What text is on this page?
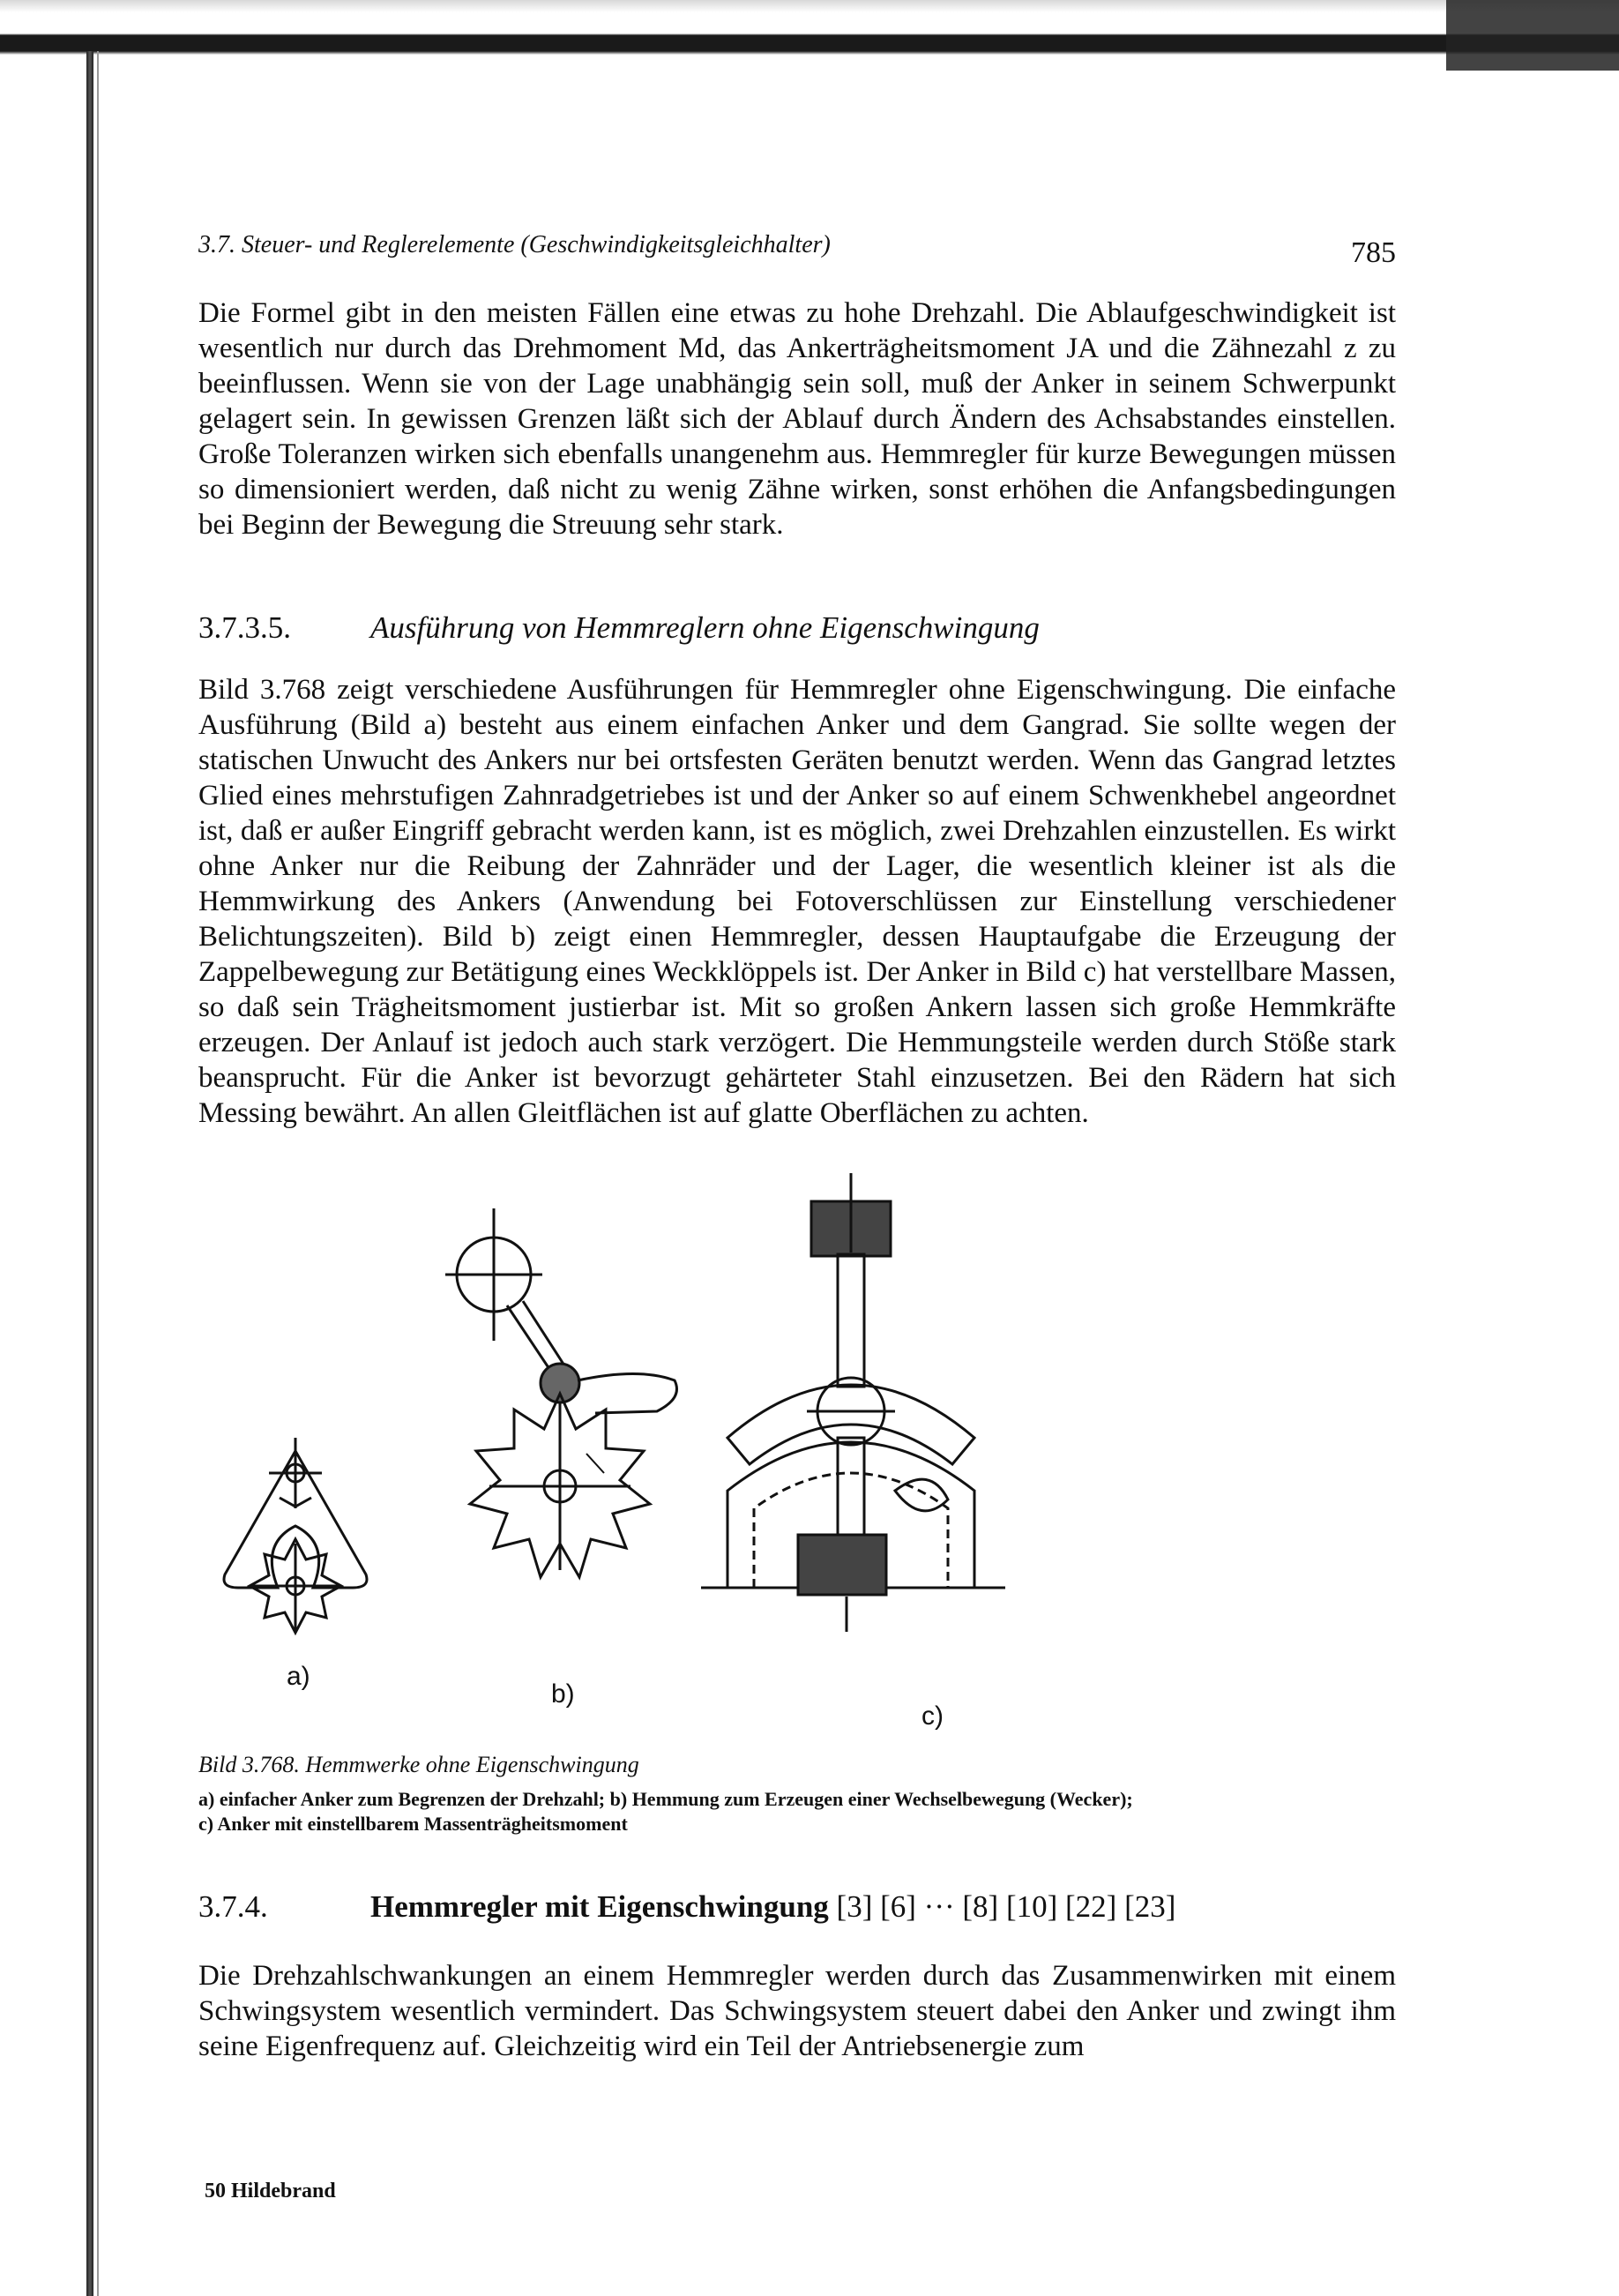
3.7. Steuer- und Reglerelemente (Geschwindigkeitsgleichhalter)	785

Die Formel gibt in den meisten Fällen eine etwas zu hohe Drehzahl. Die Ablaufgeschwindigkeit ist wesentlich nur durch das Drehmoment Md, das Ankerträgheitsmoment JA und die Zähnezahl z zu beeinflussen. Wenn sie von der Lage unabhängig sein soll, muß der Anker in seinem Schwerpunkt gelagert sein. In gewissen Grenzen läßt sich der Ablauf durch Ändern des Achsabstandes einstellen. Große Toleranzen wirken sich ebenfalls unangenehm aus. Hemmregler für kurze Bewegungen müssen so dimensioniert werden, daß nicht zu wenig Zähne wirken, sonst erhöhen die Anfangsbedingungen bei Beginn der Bewegung die Streuung sehr stark.

3.7.3.5.	Ausführung von Hemmreglern ohne Eigenschwingung

Bild 3.768 zeigt verschiedene Ausführungen für Hemmregler ohne Eigenschwingung. Die einfache Ausführung (Bild a) besteht aus einem einfachen Anker und dem Gangrad. Sie sollte wegen der statischen Unwucht des Ankers nur bei ortsfesten Geräten benutzt werden. Wenn das Gangrad letztes Glied eines mehrstufigen Zahnradgetriebes ist und der Anker so auf einem Schwenkhebel angeordnet ist, daß er außer Eingriff gebracht werden kann, ist es möglich, zwei Drehzahlen einzustellen. Es wirkt ohne Anker nur die Reibung der Zahnräder und der Lager, die wesentlich kleiner ist als die Hemmwirkung des Ankers (Anwendung bei Fotoverschlüssen zur Einstellung verschiedener Belichtungszeiten). Bild b) zeigt einen Hemmregler, dessen Hauptaufgabe die Erzeugung der Zappelbewegung zur Betätigung eines Weckklöppels ist. Der Anker in Bild c) hat verstellbare Massen, so daß sein Trägheitsmoment justierbar ist. Mit so großen Ankern lassen sich große Hemmkräfte erzeugen. Der Anlauf ist jedoch auch stark verzögert. Die Hemmungsteile werden durch Stöße stark beansprucht. Für die Anker ist bevorzugt gehärteter Stahl einzusetzen. Bei den Rädern hat sich Messing bewährt. An allen Gleitflächen ist auf glatte Oberflächen zu achten.

a)
b)
c)
Bild 3.768. Hemmwerke ohne Eigenschwingung
a) einfacher Anker zum Begrenzen der Drehzahl; b) Hemmung zum Erzeugen einer Wechselbewegung (Wecker);
c) Anker mit einstellbarem Massenträgheitsmoment
3.7.4.	Hemmregler mit Eigenschwingung [3] [6] ··· [8] [10] [22] [23]

Die Drehzahlschwankungen an einem Hemmregler werden durch das Zusammenwirken mit einem Schwingsystem wesentlich vermindert. Das Schwingsystem steuert dabei den Anker und zwingt ihm seine Eigenfrequenz auf. Gleichzeitig wird ein Teil der Antriebsenergie zum

50 Hildebrand
